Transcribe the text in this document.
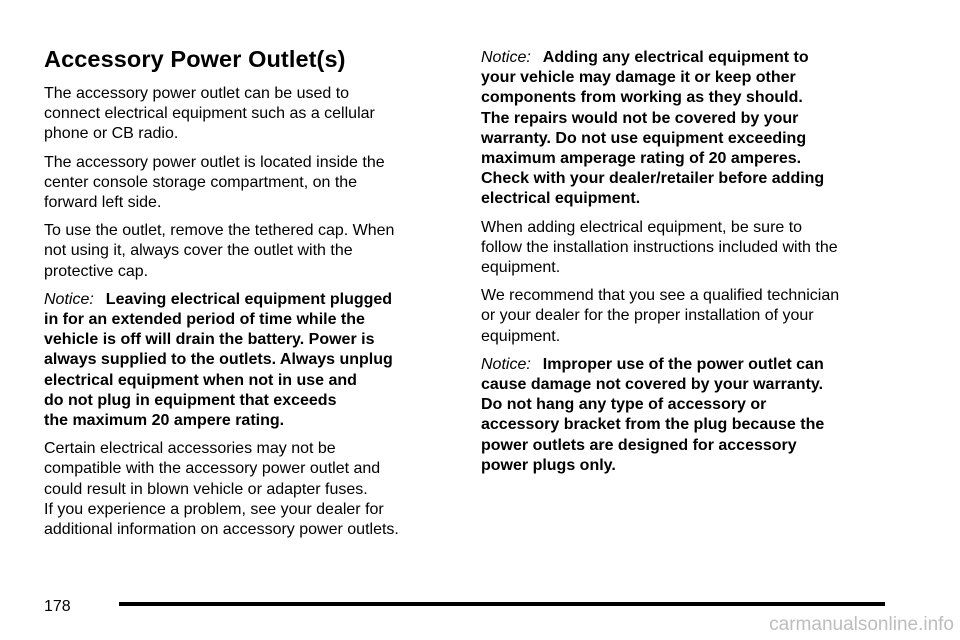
Accessory Power Outlet(s)

The accessory power outlet can be used to
connect electrical equipment such as a cellular
phone or CB radio.

The accessory power outlet is located inside the
center console storage compartment, on the
forward left side.

To use the outlet, remove the tethered cap. When
not using it, always cover the outlet with the
protective cap.

Notice: Leaving electrical equipment plugged
in for an extended period of time while the
vehicle is off will drain the battery. Power is
always supplied to the outlets. Always unplug
electrical equipment when not in use and
do not plug in equipment that exceeds
the maximum 20 ampere rating.

Certain electrical accessories may not be
compatible with the accessory power outlet and
could result in blown vehicle or adapter fuses.
If you experience a problem, see your dealer for
additional information on accessory power outlets.

Notice: Adding any electrical equipment to
your vehicle may damage it or keep other
components from working as they should.
The repairs would not be covered by your
warranty. Do not use equipment exceeding
maximum amperage rating of 20 amperes.
Check with your dealer/retailer before adding
electrical equipment.

When adding electrical equipment, be sure to
follow the installation instructions included with the
equipment.

We recommend that you see a qualified technician
or your dealer for the proper installation of your
equipment.

Notice: Improper use of the power outlet can
cause damage not covered by your warranty.
Do not hang any type of accessory or
accessory bracket from the plug because the
power outlets are designed for accessory
power plugs only.

178
carmanualsonline.info
